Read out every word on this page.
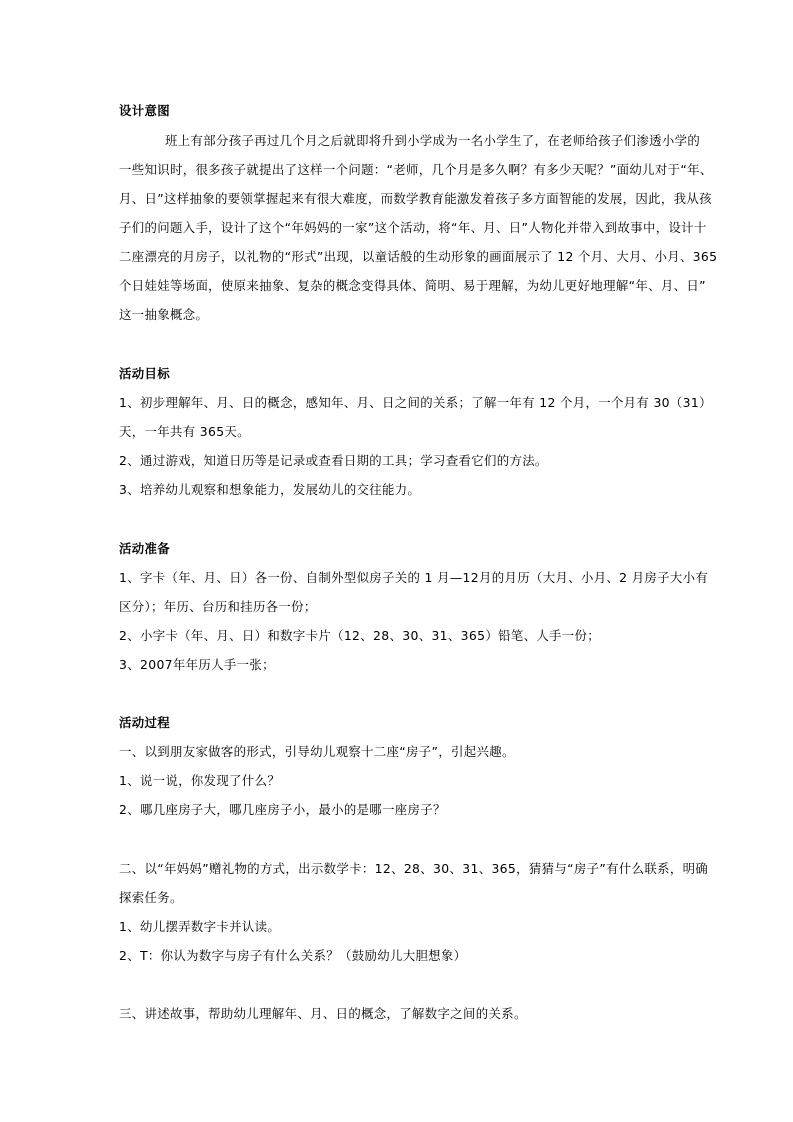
设计意图
班上有部分孩子再过几个月之后就即将升到小学成为一名小学生了，在老师给孩子们渗透小学的
一些知识时，很多孩子就提出了这样一个问题：“老师，几个月是多久啊？有多少天呢？”面幼儿对于“年、
月、日”这样抽象的要领掌握起来有很大难度，而数学教育能激发着孩子多方面智能的发展，因此，我从孩
子们的问题入手，设计了这个“年妈妈的一家”这个活动，将“年、月、日”人物化并带入到故事中，设计十
二座漂亮的月房子，以礼物的“形式”出现，以童话般的生动形象的画面展示了 12 个月、大月、小月、365
个日娃娃等场面，使原来抽象、复杂的概念变得具体、简明、易于理解，为幼儿更好地理解“年、月、日”
这一抽象概念。
活动目标
1、初步理解年、月、日的概念，感知年、月、日之间的关系；了解一年有 12 个月，一个月有 30（31）
天，一年共有 365天。
2、通过游戏，知道日历等是记录或查看日期的工具；学习查看它们的方法。
3、培养幼儿观察和想象能力，发展幼儿的交往能力。
活动准备
1、字卡（年、月、日）各一份、自制外型似房子关的 1 月—12月的月历（大月、小月、2 月房子大小有
区分）；年历、台历和挂历各一份；
2、小字卡（年、月、日）和数字卡片（12、28、30、31、365）铅笔、人手一份；
3、2007年年历人手一张；
活动过程
一、以到朋友家做客的形式，引导幼儿观察十二座“房子”，引起兴趣。
1、说一说，你发现了什么？
2、哪几座房子大，哪几座房子小，最小的是哪一座房子？
二、以“年妈妈”赠礼物的方式，出示数学卡：12、28、30、31、365，猜猜与“房子”有什么联系，明确
探索任务。
1、幼儿摆弄数字卡并认读。
2、T：你认为数字与房子有什么关系？（鼓励幼儿大胆想象）
三、讲述故事，帮助幼儿理解年、月、日的概念，了解数字之间的关系。
